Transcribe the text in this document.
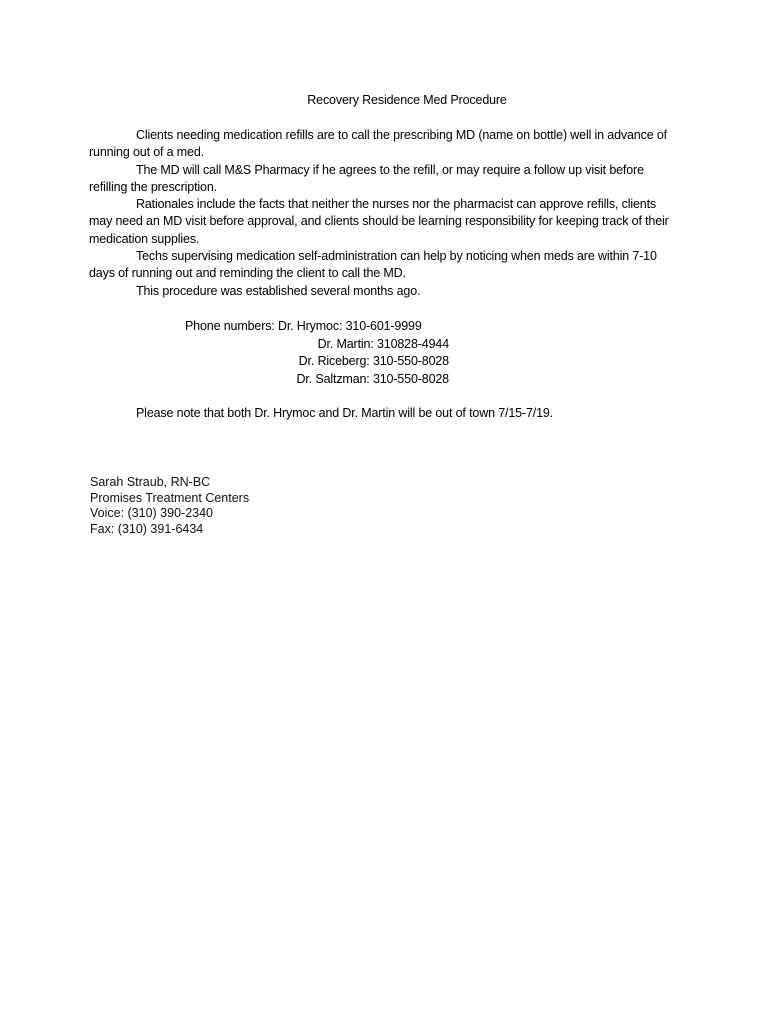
Recovery Residence Med Procedure

Clients needing medication refills are to call the prescribing MD (name on bottle) well in advance of running out of a med.

The MD will call M&S Pharmacy if he agrees to the refill, or may require a follow up visit before refilling the prescription.

Rationales include the facts that neither the nurses nor the pharmacist can approve refills, clients may need an MD visit before approval, and clients should be learning responsibility for keeping track of their medication supplies.

Techs supervising medication self-administration can help by noticing when meds are within 7-10 days of running out and reminding the client to call the MD.

This procedure was established several months ago.

Phone numbers: Dr. Hrymoc: 310-601-9999
Dr. Martin: 310828-4944
Dr. Riceberg: 310-550-8028
Dr. Saltzman: 310-550-8028
Please note that both Dr. Hrymoc and Dr. Martin will be out of town 7/15-7/19.
Sarah Straub, RN-BC
Promises Treatment Centers
Voice: (310) 390-2340
Fax: (310) 391-6434
